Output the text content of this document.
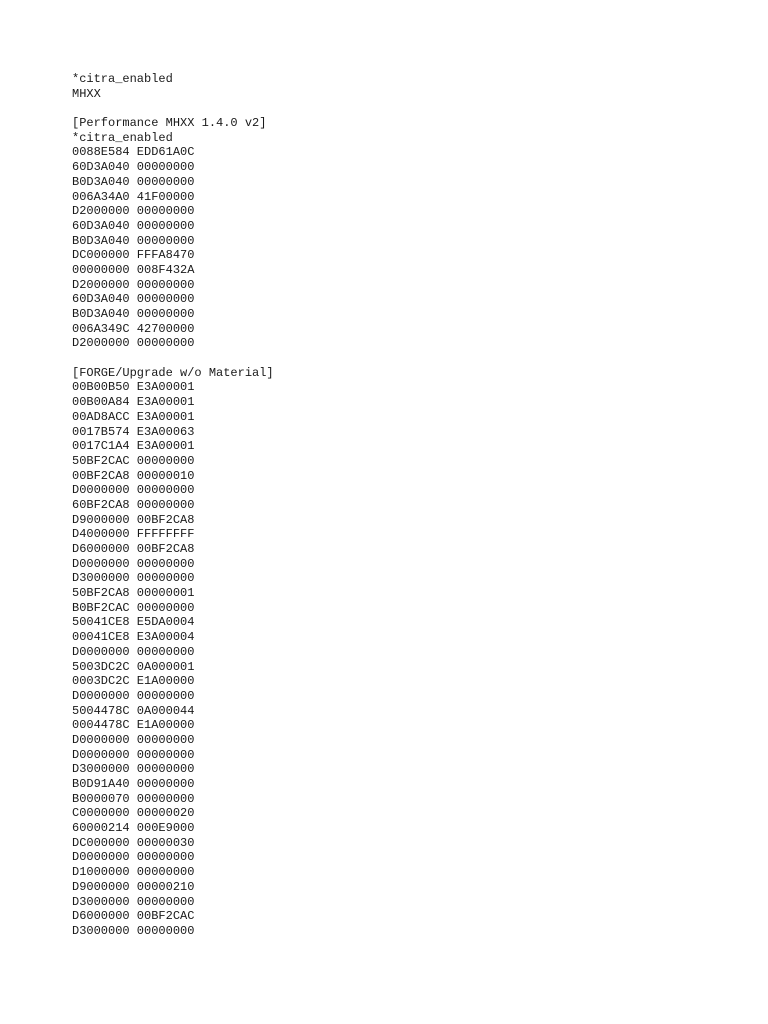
*citra_enabled
MHXX
[Performance MHXX 1.4.0 v2]
*citra_enabled
0088E584 EDD61A0C
60D3A040 00000000
B0D3A040 00000000
006A34A0 41F00000
D2000000 00000000
60D3A040 00000000
B0D3A040 00000000
DC000000 FFFA8470
00000000 008F432A
D2000000 00000000
60D3A040 00000000
B0D3A040 00000000
006A349C 42700000
D2000000 00000000
[FORGE/Upgrade w/o Material]
00B00B50 E3A00001
00B00A84 E3A00001
00AD8ACC E3A00001
0017B574 E3A00063
0017C1A4 E3A00001
50BF2CAC 00000000
00BF2CA8 00000010
D0000000 00000000
60BF2CA8 00000000
D9000000 00BF2CA8
D4000000 FFFFFFFF
D6000000 00BF2CA8
D0000000 00000000
D3000000 00000000
50BF2CA8 00000001
B0BF2CAC 00000000
50041CE8 E5DA0004
00041CE8 E3A00004
D0000000 00000000
5003DC2C 0A000001
0003DC2C E1A00000
D0000000 00000000
5004478C 0A000044
0004478C E1A00000
D0000000 00000000
D0000000 00000000
D3000000 00000000
B0D91A40 00000000
B0000070 00000000
C0000000 00000020
60000214 000E9000
DC000000 00000030
D0000000 00000000
D1000000 00000000
D9000000 00000210
D3000000 00000000
D6000000 00BF2CAC
D3000000 00000000
